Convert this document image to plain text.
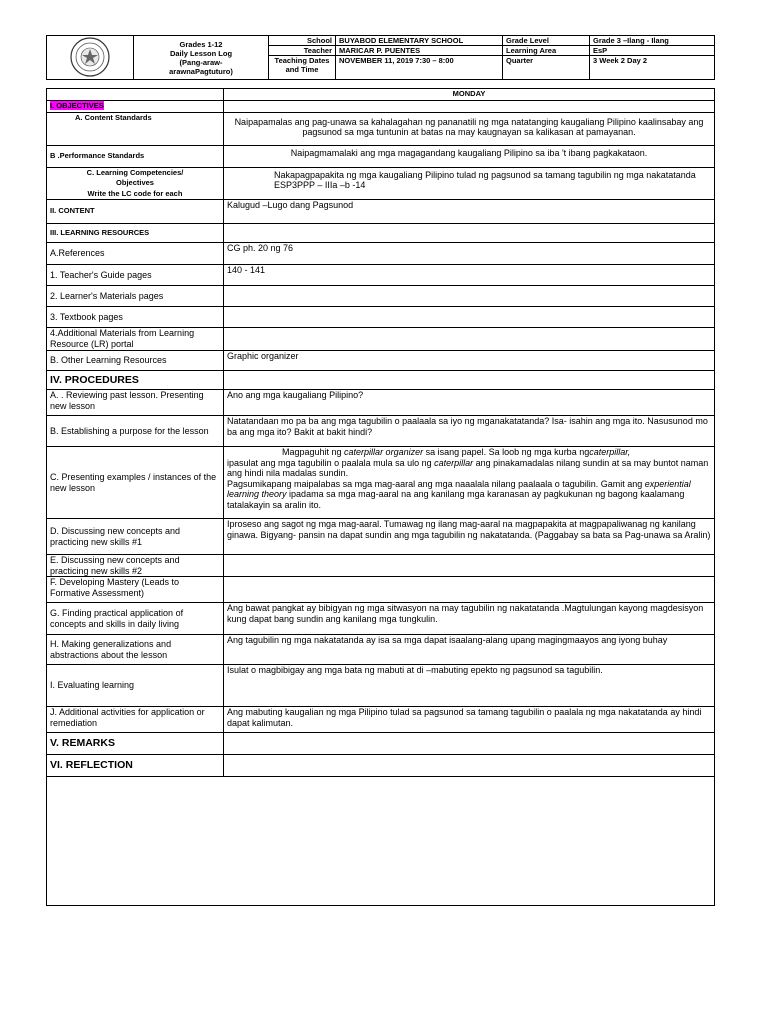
Grades 1-12
Daily Lesson Log
(Pang-araw-
arawnaPagtuturo)	School	BUYABOD ELEMENTARY SCHOOL	Grade Level	Grade 3 –Ilang - Ilang
		Teacher	MARICAR P. PUENTES	Learning Area	EsP
		Teaching Dates and Time	NOVEMBER 11, 2019 7:30 – 8:00	Quarter	3 Week 2 Day 2

	MONDAY
I. OBJECTIVES	
A. Content Standards	Naipapamalas ang pag-unawa sa kahalagahan ng pananatili ng mga natatanging kaugaliang Pilipino kaalinsabay ang pagsunod sa mga tuntunin at batas na may kaugnayan sa kalikasan at pamayanan.
B .Performance Standards	Naipagmamalaki ang mga magagandang kaugaliang Pilipino sa iba 't ibang pagkakataon.

C. Learning Competencies/
Objectives
Write the LC code for each	Nakapagpapakita ng mga kaugaliang Pilipino tulad ng pagsunod sa tamang tagubilin ng mga nakatatanda ESP3PPP – IIIa –b -14
II. CONTENT	Kalugud –Lugo dang Pagsunod
III. LEARNING RESOURCES	
A.References	CG ph. 20 ng 76
1. Teacher's Guide pages	140 - 141
2. Learner's Materials pages	
3. Textbook pages	
4.Additional Materials from Learning Resource (LR) portal	
B. Other Learning Resources	Graphic organizer
IV. PROCEDURES	
A. . Reviewing past lesson. Presenting new lesson	Ano ang mga kaugaliang Pilipino?
B. Establishing a purpose for the lesson	Natatandaan mo pa ba ang mga tagubilin o paalaala sa iyo ng mganakatatanda? Isa- isahin ang mga ito. Nasusunod mo ba ang mga ito? Bakit at bakit hindi?
C. Presenting examples / instances of the new lesson	Magpaguhit ng caterpillar organizer sa isang papel. Sa loob ng mga kurba ngcaterpillar,
ipasulat ang mga tagubilin o paalala mula sa ulo ng caterpillar ang pinakamadalas nilang sundin at sa may buntot naman ang hindi nila madalas sundin.
Pagsumikapang maipalabas sa mga mag-aaral ang mga naaalala nilang paalaala o tagubilin. Gamit ang experiential learning theory ipadama sa mga mag-aaral na ang kanilang mga karanasan ay pagkukunan ng bagong kaalamang tatalakayin sa aralin ito.

D. Discussing new concepts and practicing new skills #1	Iproseso ang sagot ng mga mag-aaral. Tumawag ng ilang mag-aaral na magpapakita at magpapaliwanag ng kanilang ginawa. Bigyang- pansin na dapat sundin ang mga tagubilin ng nakatatanda. (Paggabay sa bata sa Pag-unawa sa Aralin)
E. Discussing new concepts and practicing new skills #2	
F. Developing Mastery (Leads to Formative Assessment)	
G. Finding practical application of concepts and skills in daily living	Ang bawat pangkat ay bibigyan ng mga sitwasyon na may tagubilin ng nakatatanda .Magtulungan kayong magdesisyon kung dapat bang sundin ang kanilang mga tungkulin.
H. Making generalizations and abstractions about the lesson	Ang tagubilin ng mga nakatatanda ay isa sa mga dapat isaalang-alang upang magingmaayos ang iyong buhay
I. Evaluating learning	Isulat o magbibigay ang mga bata ng mabuti at di –mabuting epekto ng pagsunod sa tagubilin.
J. Additional activities for application or remediation	Ang mabuting kaugalian ng mga Pilipino tulad sa pagsunod sa tamang tagubilin o paalala ng mga nakatatanda ay hindi dapat kalimutan.
V. REMARKS	
VI. REFLECTION	
